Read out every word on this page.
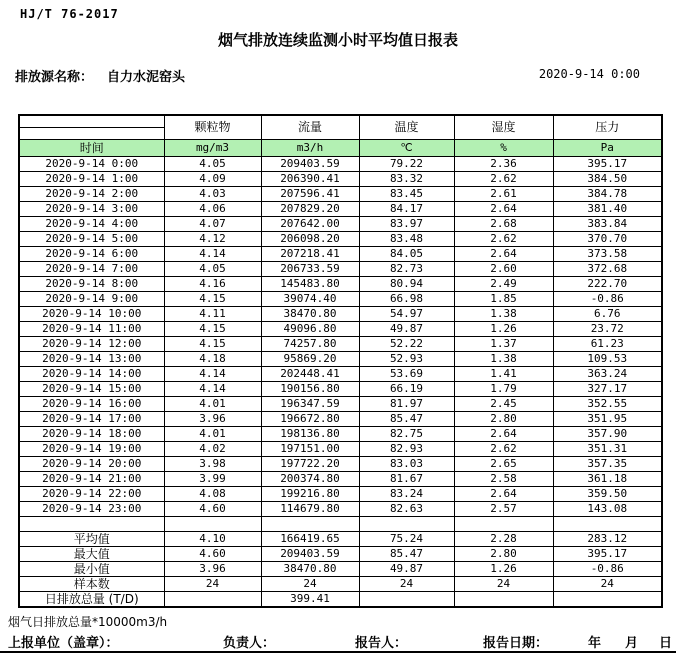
HJ/T 76-2017
烟气排放连续监测小时平均值日报表
排放源名称： 自力水泥窑头	2020-9-14 0:00
	颗粒物	流量	温度	湿度	压力

时间	mg/m3	m3/h	℃	%	Pa
2020-9-14 0:00	4.05	209403.59	79.22	2.36	395.17
2020-9-14 1:00	4.09	206390.41	83.32	2.62	384.50
2020-9-14 2:00	4.03	207596.41	83.45	2.61	384.78
2020-9-14 3:00	4.06	207829.20	84.17	2.64	381.40
2020-9-14 4:00	4.07	207642.00	83.97	2.68	383.84
2020-9-14 5:00	4.12	206098.20	83.48	2.62	370.70
2020-9-14 6:00	4.14	207218.41	84.05	2.64	373.58
2020-9-14 7:00	4.05	206733.59	82.73	2.60	372.68
2020-9-14 8:00	4.16	145483.80	80.94	2.49	222.70
2020-9-14 9:00	4.15	39074.40	66.98	1.85	-0.86
2020-9-14 10:00	4.11	38470.80	54.97	1.38	6.76
2020-9-14 11:00	4.15	49096.80	49.87	1.26	23.72
2020-9-14 12:00	4.15	74257.80	52.22	1.37	61.23
2020-9-14 13:00	4.18	95869.20	52.93	1.38	109.53
2020-9-14 14:00	4.14	202448.41	53.69	1.41	363.24
2020-9-14 15:00	4.14	190156.80	66.19	1.79	327.17
2020-9-14 16:00	4.01	196347.59	81.97	2.45	352.55
2020-9-14 17:00	3.96	196672.80	85.47	2.80	351.95
2020-9-14 18:00	4.01	198136.80	82.75	2.64	357.90
2020-9-14 19:00	4.02	197151.00	82.93	2.62	351.31
2020-9-14 20:00	3.98	197722.20	83.03	2.65	357.35
2020-9-14 21:00	3.99	200374.80	81.67	2.58	361.18
2020-9-14 22:00	4.08	199216.80	83.24	2.64	359.50
2020-9-14 23:00	4.60	114679.80	82.63	2.57	143.08

平均值	4.10	166419.65	75.24	2.28	283.12
最大值	4.60	209403.59	85.47	2.80	395.17
最小值	3.96	38470.80	49.87	1.26	-0.86
样本数	24	24	24	24	24
日排放总量 (T/D)		399.41			
烟气日排放总量*10000m3/h
上报单位（盖章）：	负责人：	报告人：	报告日期：	年 月 日
